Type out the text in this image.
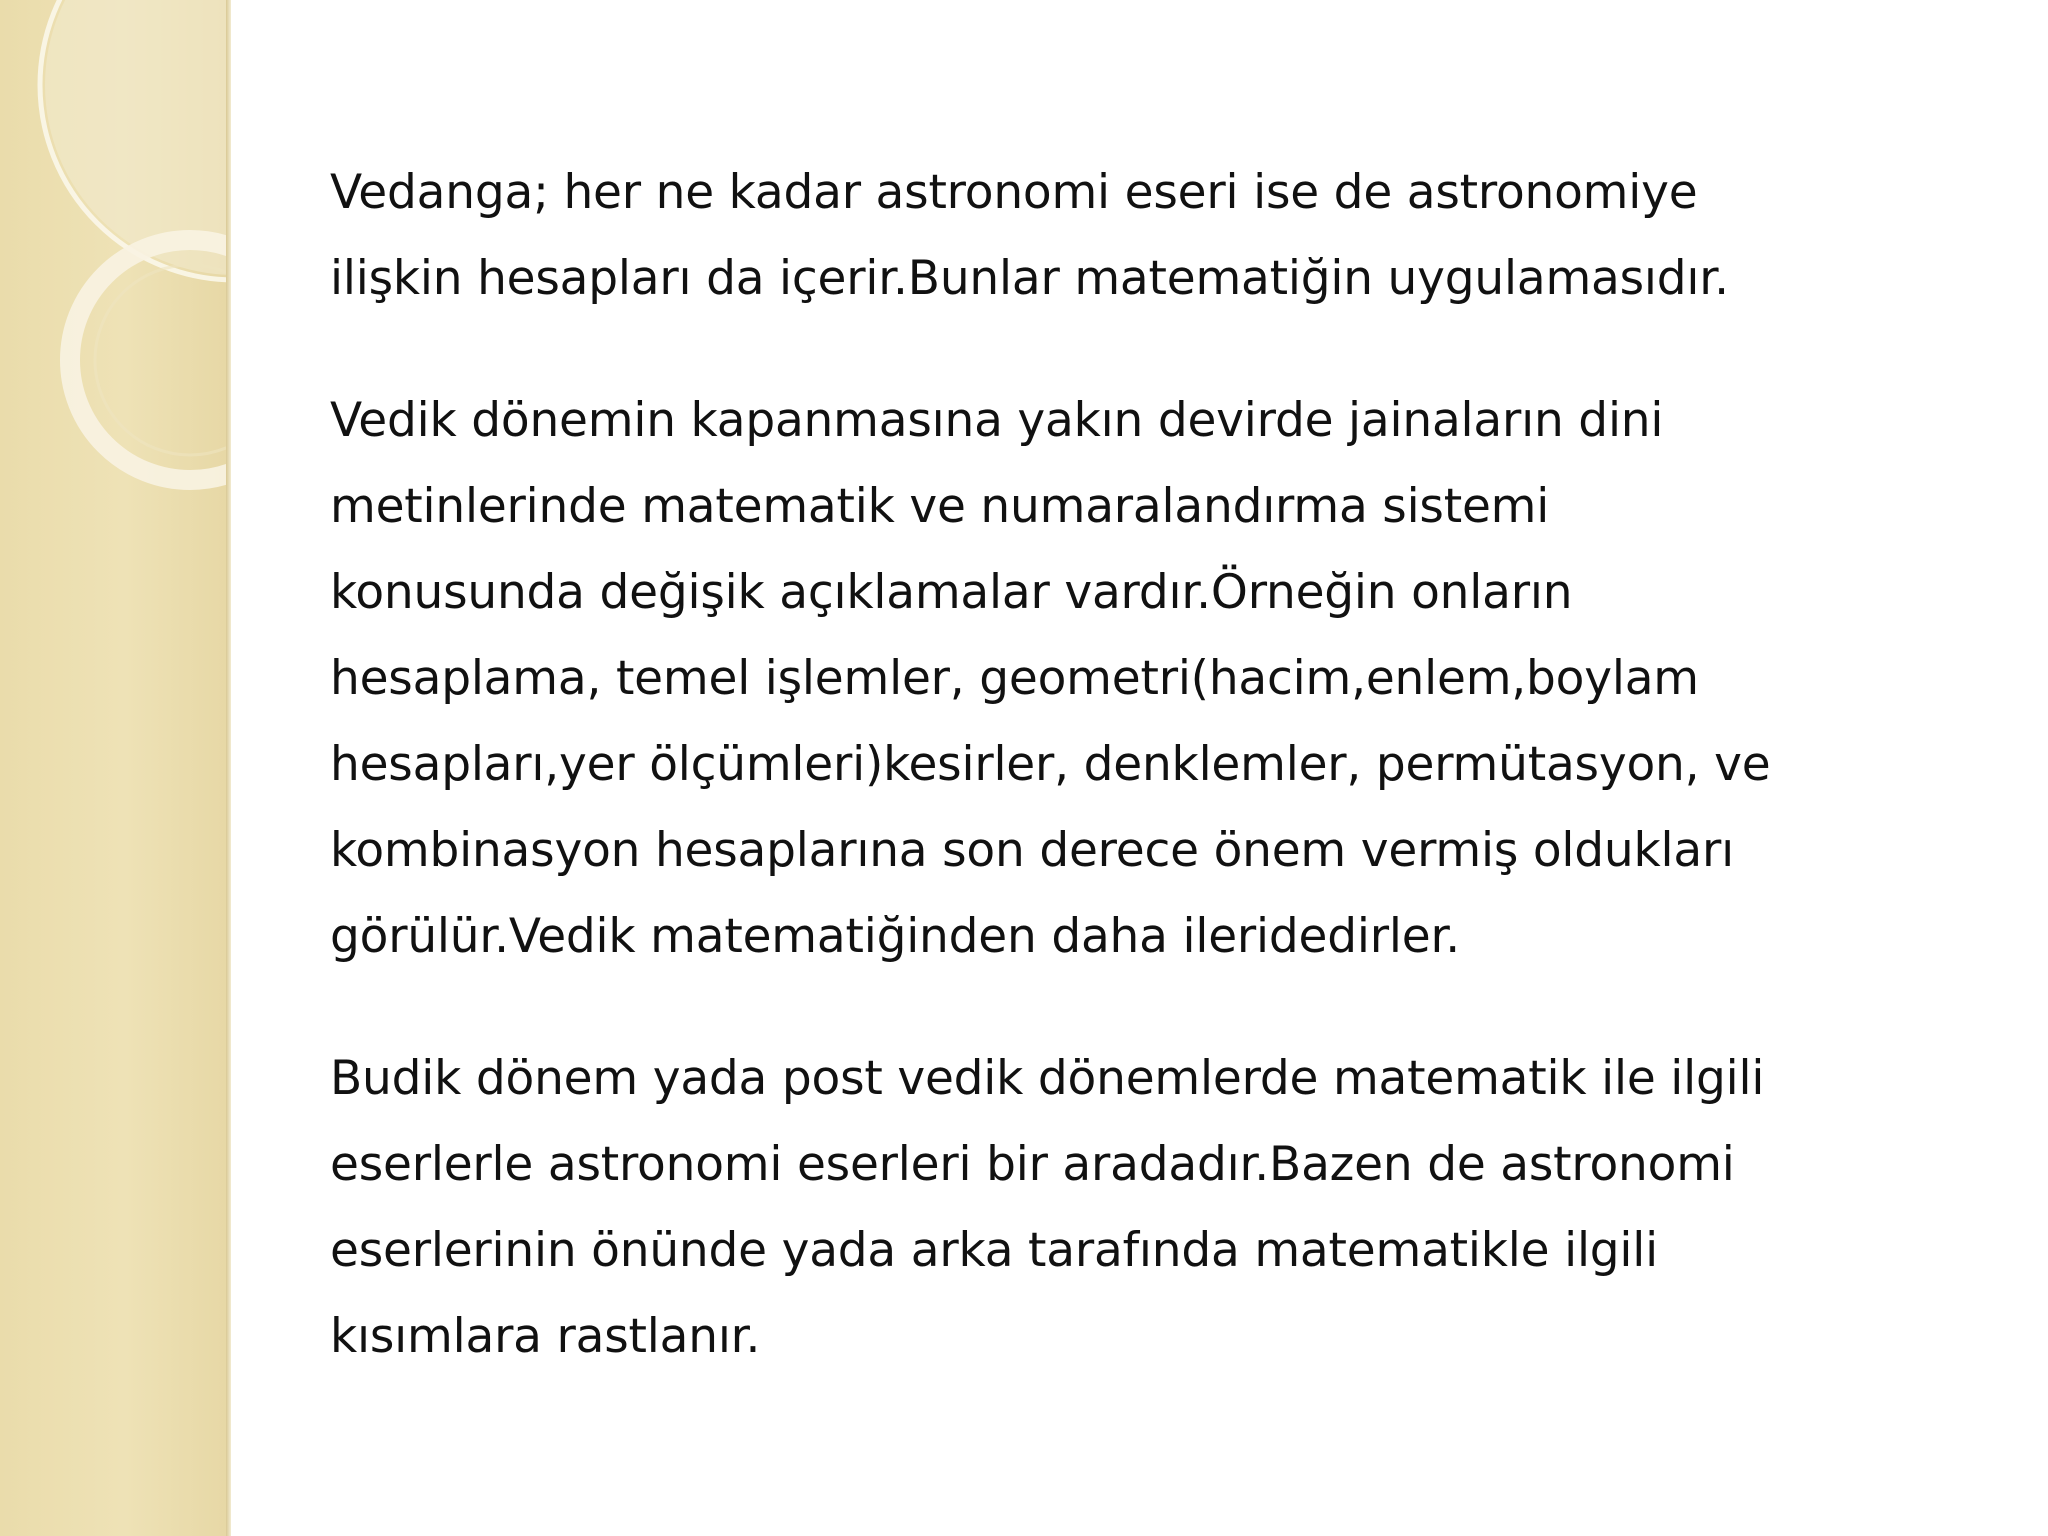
Vedanga; her ne kadar astronomi eseri ise de astronomiye
ilişkin hesapları da içerir.Bunlar matematiğin uygulamasıdır.

Vedik dönemin kapanmasına yakın devirde jainaların dini
metinlerinde matematik ve numaralandırma sistemi
konusunda değişik açıklamalar vardır.Örneğin onların
hesaplama, temel işlemler, geometri(hacim,enlem,boylam
hesapları,yer ölçümleri)kesirler, denklemler, permütasyon, ve
kombinasyon hesaplarına son derece önem vermiş oldukları
görülür.Vedik matematiğinden daha ileridedirler.

Budik dönem yada post vedik dönemlerde matematik ile ilgili
eserlerle astronomi eserleri bir aradadır.Bazen de astronomi
eserlerinin önünde yada arka tarafında matematikle ilgili
kısımlara rastlanır.
